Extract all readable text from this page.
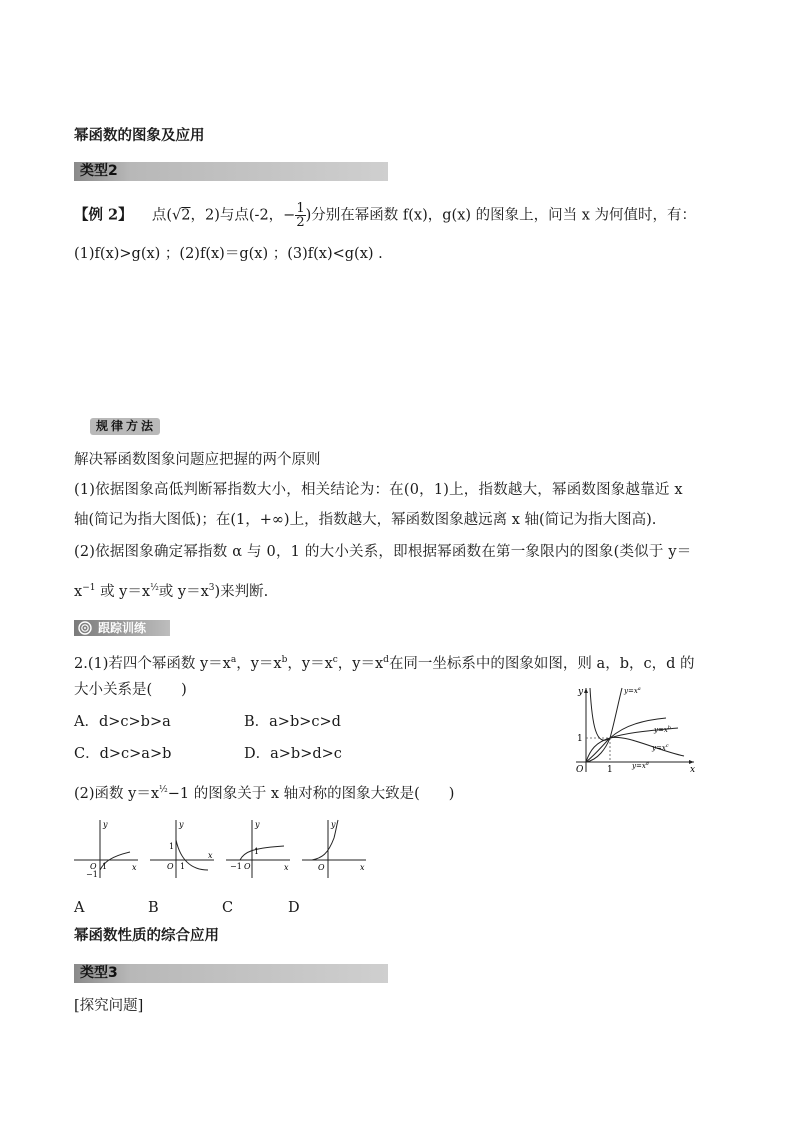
幂函数的图象及应用
类型2
【例 2】 点(√2，2)与点(-2，− $\frac{1}{2}$ )分别在幂函数 f(x)，g(x) 的图象上，问当 x 为何值时，有：
(1)f(x)>g(x) ；(2)f(x)＝g(x) ；(3)f(x)<g(x) .
规律方法
解决幂函数图象问题应把握的两个原则
(1)依据图象高低判断幂指数大小，相关结论为：在(0，1)上，指数越大，幂函数图象越靠近 x
轴(简记为指大图低)；在(1，+∞)上，指数越大，幂函数图象越远离 x 轴(简记为指大图高).
(2)依据图象确定幂指数 α 与 0，1 的大小关系，即根据幂函数在第一象限内的图象(类似于 y＝
$x^{-1}$ 或 $y=x^{\frac{1}{2}}$或 $y=x^3$)来判断.
跟踪训练
2.(1)若四个幂函数 $y=x^a$，$y=x^b$，$y=x^c$，$y=x^d$在同一坐标系中的图象如图，则 a，b，c，d 的
大小关系是(　　)
A．d>c>b>a	B．a>b>c>d
C．d>c>a>b	D．a>b>d>c
y
x
O	1
1
$y=x^a$
$y=x^b$
$y=x^c$
$y=x^d$
(2)函数 $y=x^{\frac{1}{2}}-1$ 的图象关于 x 轴对称的图象大致是(　　)
y
x
O 1
−1
y
x
O
1
1
y
x
−1 O
1
y
x
O
A	B	C	D
幂函数性质的综合应用
类型3
[探究问题]
